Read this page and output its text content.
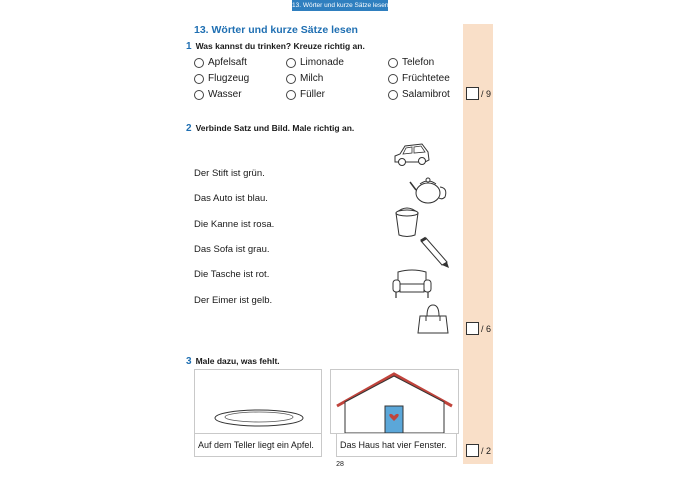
13. Wörter und kurze Sätze lesen
13. Wörter und kurze Sätze lesen
1 Was kannst du trinken? Kreuze richtig an.
Apfelsaft	Limonade	Telefon
Flugzeug	Milch	Früchtetee
Wasser	Füller	Salamibrot	/ 9
2 Verbinde Satz und Bild. Male richtig an.
Der Stift ist grün.
Das Auto ist blau.
Die Kanne ist rosa.
Das Sofa ist grau.
Die Tasche ist rot.
Der Eimer ist gelb.
/ 6
3 Male dazu, was fehlt.
Auf dem Teller liegt ein Apfel.	Das Haus hat vier Fenster.
/ 2
28
